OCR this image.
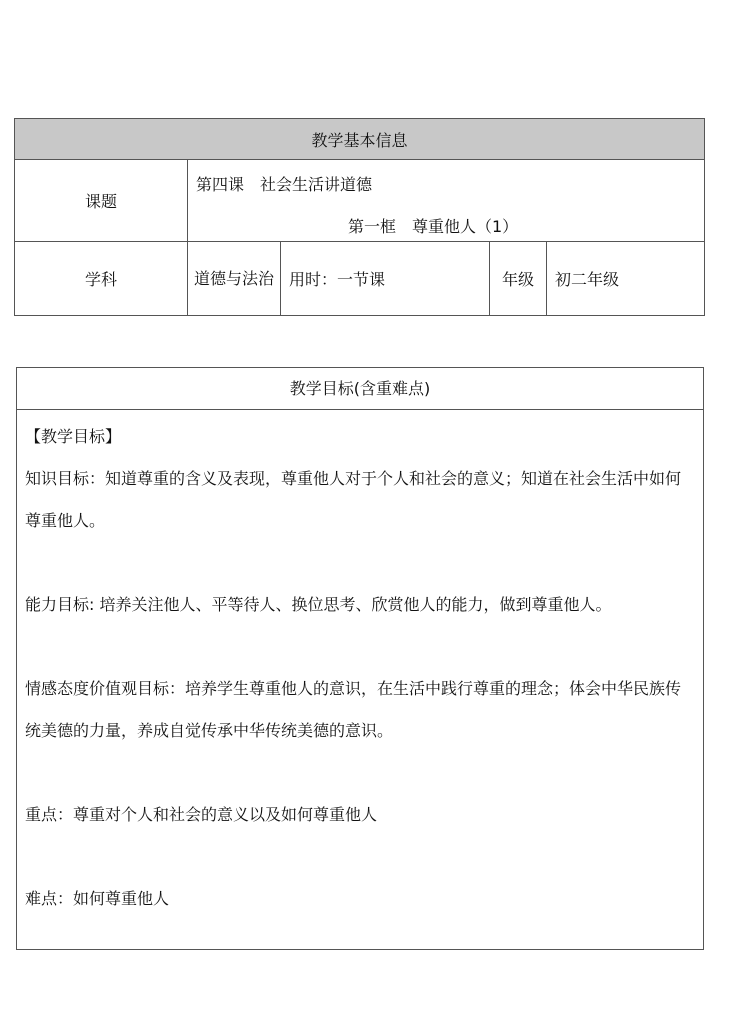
教学基本信息				
课题	第四课　社会生活讲道德
第一框　尊重他人（1）			

学科	道德与法治	用时：一节课	年级	初二年级
教学目标(含重难点)
【教学目标】
知识目标：知道尊重的含义及表现，尊重他人对于个人和社会的意义；知道在社会生活中如何尊重他人。
能力目标: 培养关注他人、平等待人、换位思考、欣赏他人的能力，做到尊重他人。
情感态度价值观目标：培养学生尊重他人的意识，在生活中践行尊重的理念；体会中华民族传统美德的力量，养成自觉传承中华传统美德的意识。
重点：尊重对个人和社会的意义以及如何尊重他人
难点：如何尊重他人
